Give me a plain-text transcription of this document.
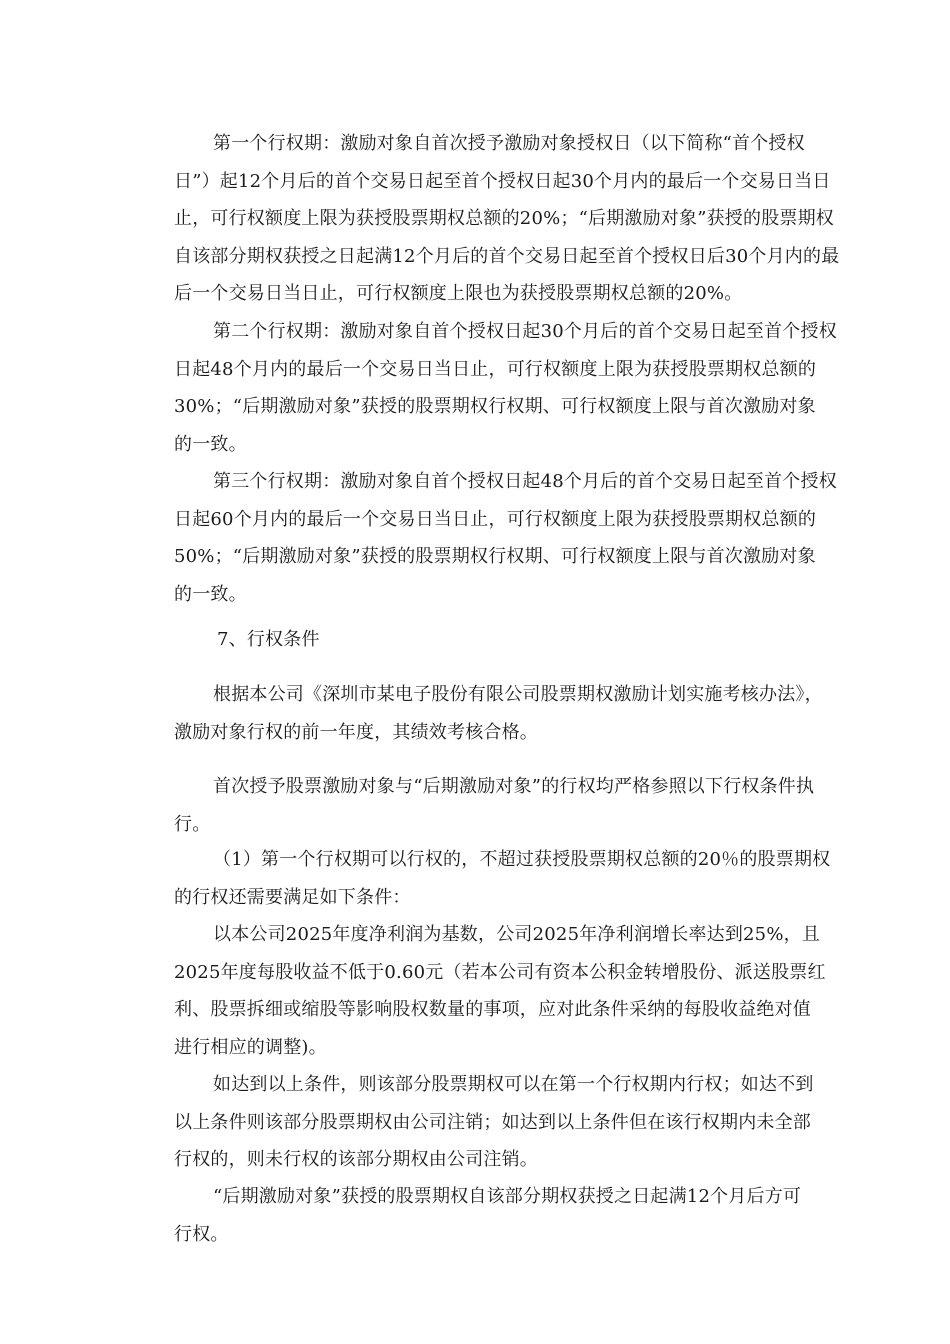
第一个行权期：激励对象自首次授予激励对象授权日（以下简称“首个授权
日”）起12个月后的首个交易日起至首个授权日起30个月内的最后一个交易日当日
止，可行权额度上限为获授股票期权总额的20%；“后期激励对象”获授的股票期权
自该部分期权获授之日起满12个月后的首个交易日起至首个授权日后30个月内的最
后一个交易日当日止，可行权额度上限也为获授股票期权总额的20%。
第二个行权期：激励对象自首个授权日起30个月后的首个交易日起至首个授权
日起48个月内的最后一个交易日当日止，可行权额度上限为获授股票期权总额的
30%；“后期激励对象”获授的股票期权行权期、可行权额度上限与首次激励对象
的一致。
第三个行权期：激励对象自首个授权日起48个月后的首个交易日起至首个授权
日起60个月内的最后一个交易日当日止，可行权额度上限为获授股票期权总额的
50%；“后期激励对象”获授的股票期权行权期、可行权额度上限与首次激励对象
的一致。
7、行权条件
根据本公司《深圳市某电子股份有限公司股票期权激励计划实施考核办法》，
激励对象行权的前一年度，其绩效考核合格。
首次授予股票激励对象与“后期激励对象”的行权均严格参照以下行权条件执
行。
（1）第一个行权期可以行权的，不超过获授股票期权总额的20％的股票期权
的行权还需要满足如下条件：
以本公司2025年度净利润为基数，公司2025年净利润增长率达到25%，且
2025年度每股收益不低于0.60元（若本公司有资本公积金转增股份、派送股票红
利、股票拆细或缩股等影响股权数量的事项，应对此条件采纳的每股收益绝对值
进行相应的调整)。
如达到以上条件，则该部分股票期权可以在第一个行权期内行权；如达不到
以上条件则该部分股票期权由公司注销；如达到以上条件但在该行权期内未全部
行权的，则未行权的该部分期权由公司注销。
“后期激励对象”获授的股票期权自该部分期权获授之日起满12个月后方可
行权。
